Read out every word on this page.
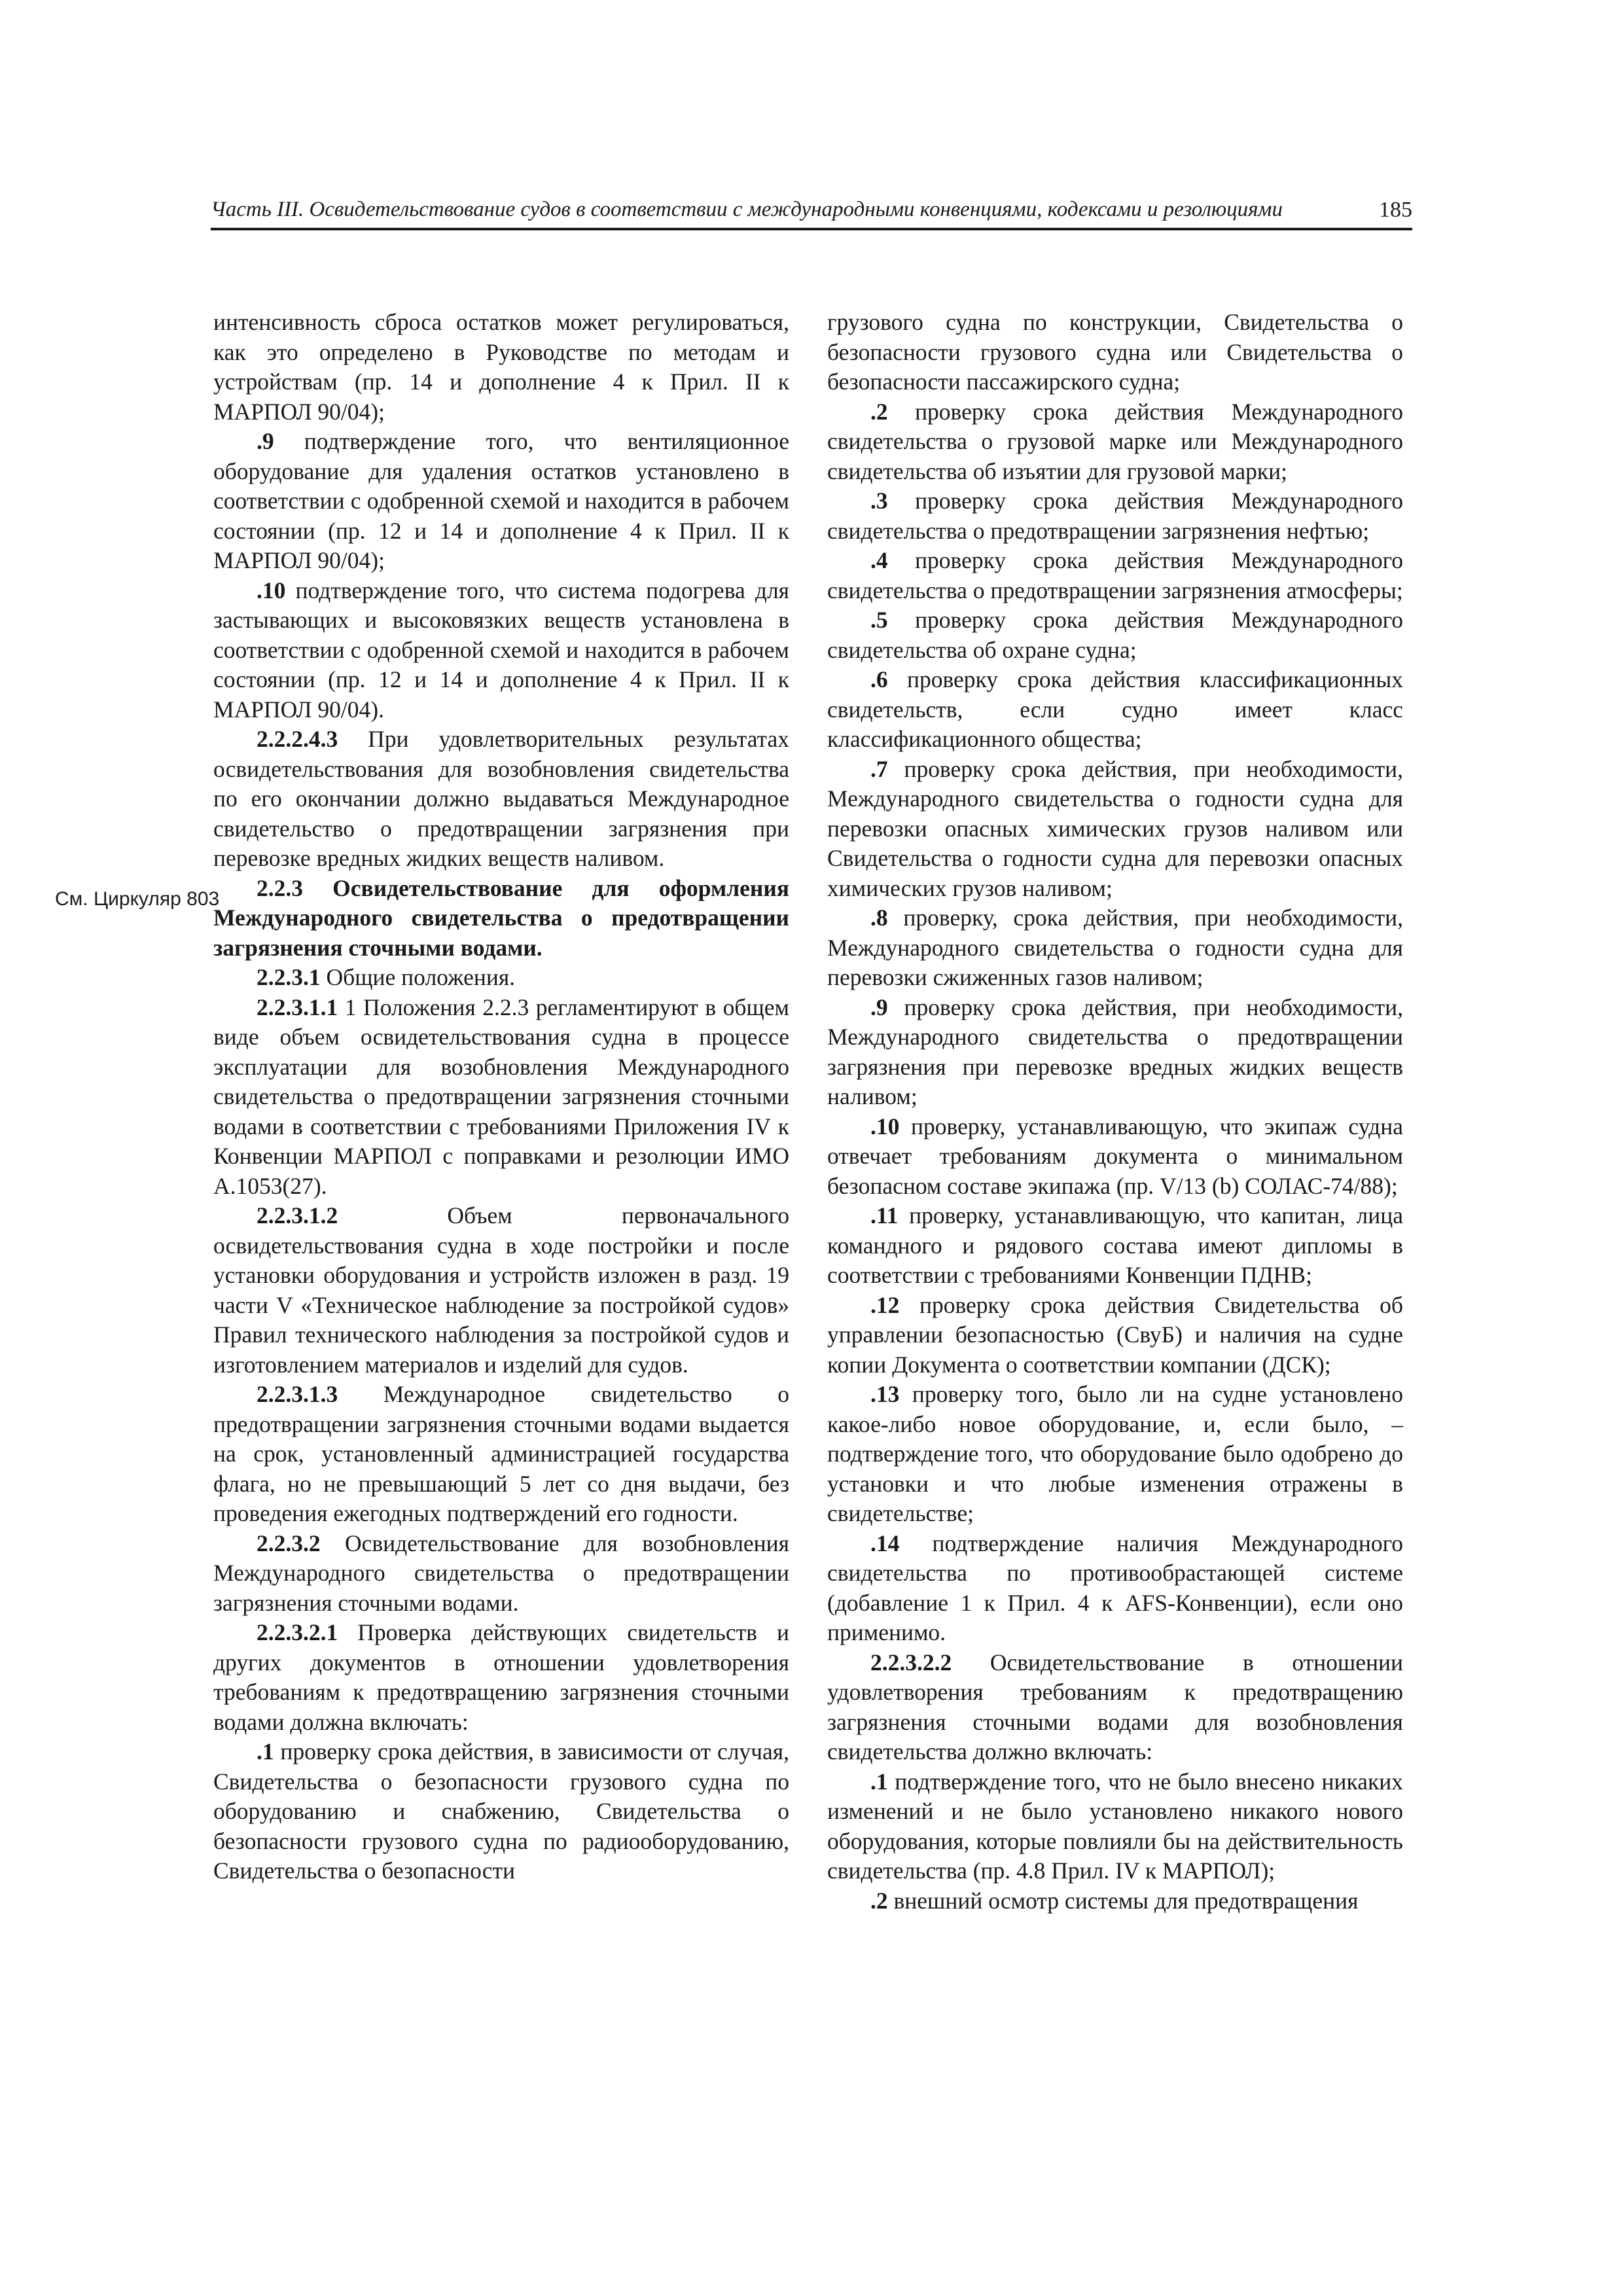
Часть III. Освидетельствование судов в соответствии с международными конвенциями, кодексами и резолюциями	185
См. Циркуляр 803

интенсивность сброса остатков может регулироваться, как это определено в Руководстве по методам и устройствам (пр. 14 и дополнение 4 к Прил. II к МАРПОЛ 90/04);

.9 подтверждение того, что вентиляционное оборудование для удаления остатков установлено в соответствии с одобренной схемой и находится в рабочем состоянии (пр. 12 и 14 и дополнение 4 к Прил. II к МАРПОЛ 90/04);

.10 подтверждение того, что система подогрева для застывающих и высоковязких веществ установлена в соответствии с одобренной схемой и находится в рабочем состоянии (пр. 12 и 14 и дополнение 4 к Прил. II к МАРПОЛ 90/04).

2.2.2.4.3 При удовлетворительных результатах освидетельствования для возобновления свидетельства по его окончании должно выдаваться Международное свидетельство о предотвращении загрязнения при перевозке вредных жидких веществ наливом.

2.2.3 Освидетельствование для оформления Международного свидетельства о предотвращении загрязнения сточными водами.

2.2.3.1 Общие положения.

2.2.3.1.1 1 Положения 2.2.3 регламентируют в общем виде объем освидетельствования судна в процессе эксплуатации для возобновления Международного свидетельства о предотвращении загрязнения сточными водами в соответствии с требованиями Приложения IV к Конвенции МАРПОЛ с поправками и резолюции ИМО А.1053(27).

2.2.3.1.2 Объем первоначального освидетельствования судна в ходе постройки и после установки оборудования и устройств изложен в разд. 19 части V «Техническое наблюдение за постройкой судов» Правил технического наблюдения за постройкой судов и изготовлением материалов и изделий для судов.

2.2.3.1.3 Международное свидетельство о предотвращении загрязнения сточными водами выдается на срок, установленный администрацией государства флага, но не превышающий 5 лет со дня выдачи, без проведения ежегодных подтверждений его годности.

2.2.3.2 Освидетельствование для возобновления Международного свидетельства о предотвращении загрязнения сточными водами.

2.2.3.2.1 Проверка действующих свидетельств и других документов в отношении удовлетворения требованиям к предотвращению загрязнения сточными водами должна включать:

.1 проверку срока действия, в зависимости от случая, Свидетельства о безопасности грузового судна по оборудованию и снабжению, Свидетельства о безопасности грузового судна по радиооборудованию, Свидетельства о безопасности

грузового судна по конструкции, Свидетельства о безопасности грузового судна или Свидетельства о безопасности пассажирского судна;

.2 проверку срока действия Международного свидетельства о грузовой марке или Международного свидетельства об изъятии для грузовой марки;

.3 проверку срока действия Международного свидетельства о предотвращении загрязнения нефтью;

.4 проверку срока действия Международного свидетельства о предотвращении загрязнения атмосферы;

.5 проверку срока действия Международного свидетельства об охране судна;

.6 проверку срока действия классификационных свидетельств, если судно имеет класс классификационного общества;

.7 проверку срока действия, при необходимости, Международного свидетельства о годности судна для перевозки опасных химических грузов наливом или Свидетельства о годности судна для перевозки опасных химических грузов наливом;

.8 проверку, срока действия, при необходимости, Международного свидетельства о годности судна для перевозки сжиженных газов наливом;

.9 проверку срока действия, при необходимости, Международного свидетельства о предотвращении загрязнения при перевозке вредных жидких веществ наливом;

.10 проверку, устанавливающую, что экипаж судна отвечает требованиям документа о минимальном безопасном составе экипажа (пр. V/13 (b) СОЛАС-74/88);

.11 проверку, устанавливающую, что капитан, лица командного и рядового состава имеют дипломы в соответствии с требованиями Конвенции ПДНВ;

.12 проверку срока действия Свидетельства об управлении безопасностью (СвуБ) и наличия на судне копии Документа о соответствии компании (ДСК);

.13 проверку того, было ли на судне установлено какое-либо новое оборудование, и, если было, – подтверждение того, что оборудование было одобрено до установки и что любые изменения отражены в свидетельстве;

.14 подтверждение наличия Международного свидетельства по противообрастающей системе (добавление 1 к Прил. 4 к AFS-Конвенции), если оно применимо.

2.2.3.2.2 Освидетельствование в отношении удовлетворения требованиям к предотвращению загрязнения сточными водами для возобновления свидетельства должно включать:

.1 подтверждение того, что не было внесено никаких изменений и не было установлено никакого нового оборудования, которые повлияли бы на действительность свидетельства (пр. 4.8 Прил. IV к МАРПОЛ);

.2 внешний осмотр системы для предотвращения
